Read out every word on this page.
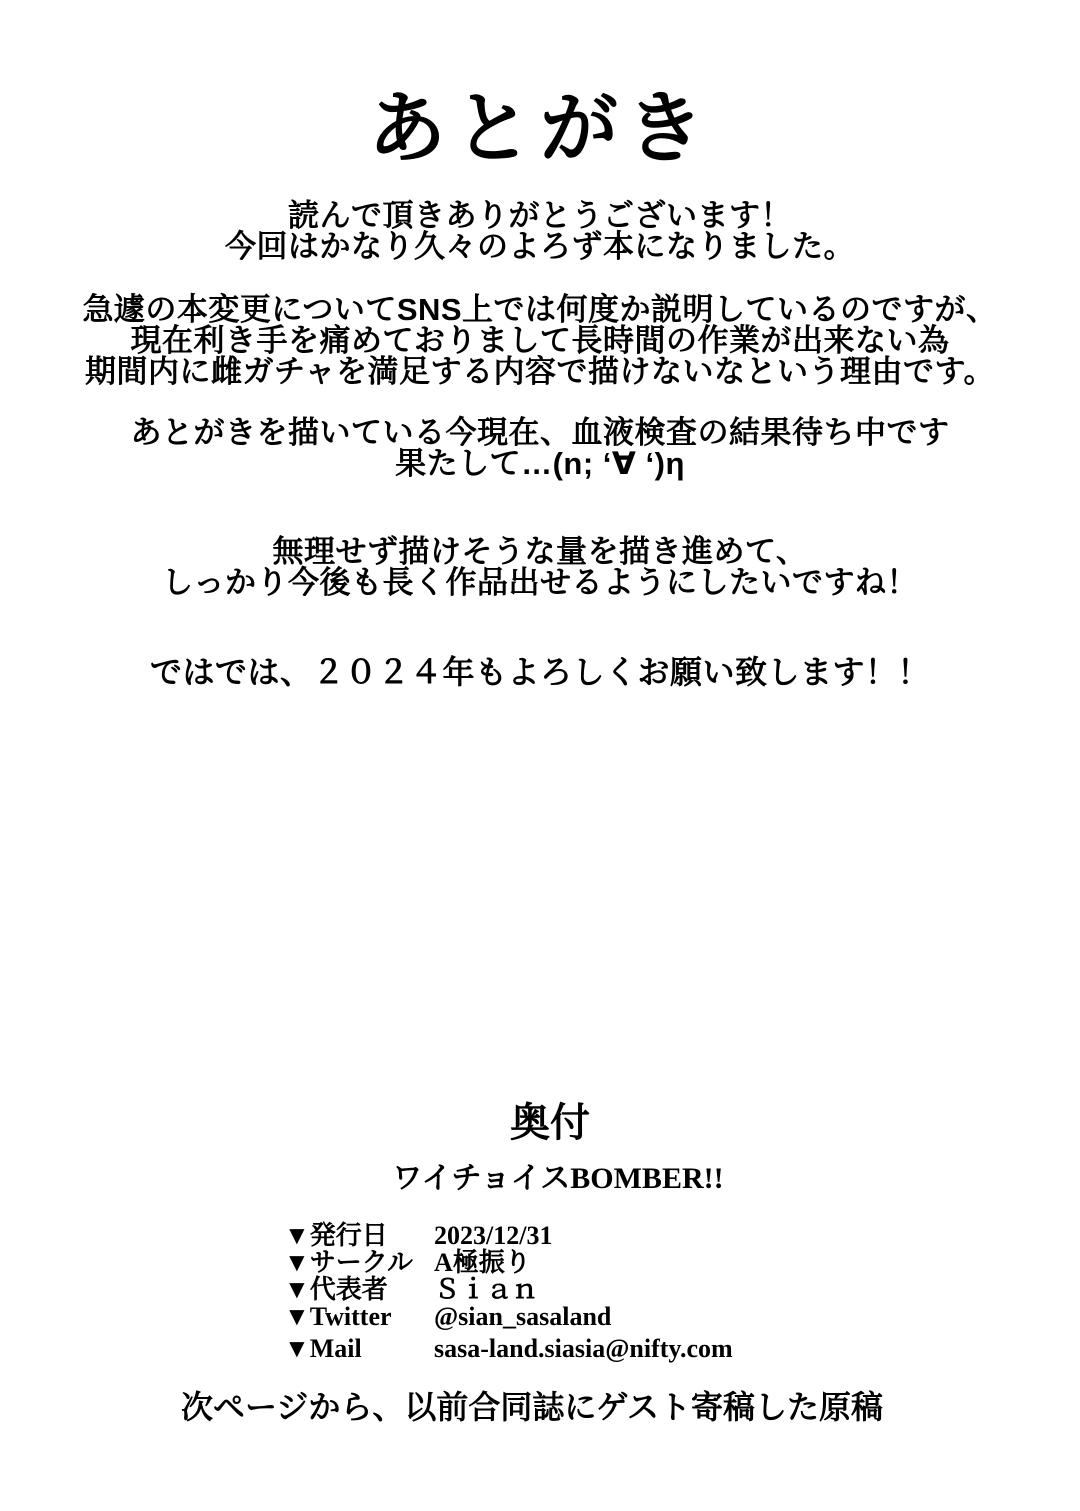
あとがき

読んで頂きありがとうございます！
今回はかなり久々のよろず本になりました。

急遽の本変更についてSNS上では何度か説明しているのですが、
現在利き手を痛めておりまして長時間の作業が出来ない為
期間内に雌ガチャを満足する内容で描けないなという理由です。

あとがきを描いている今現在、血液検査の結果待ち中です
果たして…(n; ‘∀ ‘)η

無理せず描けそうな量を描き進めて、
しっかり今後も長く作品出せるようにしたいですね！

ではでは、２０２４年もよろしくお願い致します！！

奥付
ワイチョイスBOMBER!!
▼発行日	2023/12/31
▼サークル A極振り
▼代表者	Ｓｉａｎ
▼Twitter	@sian_sasaland
▼Mail	sasa-land.siasia@nifty.com

次ページから、以前合同誌にゲスト寄稿した原稿
